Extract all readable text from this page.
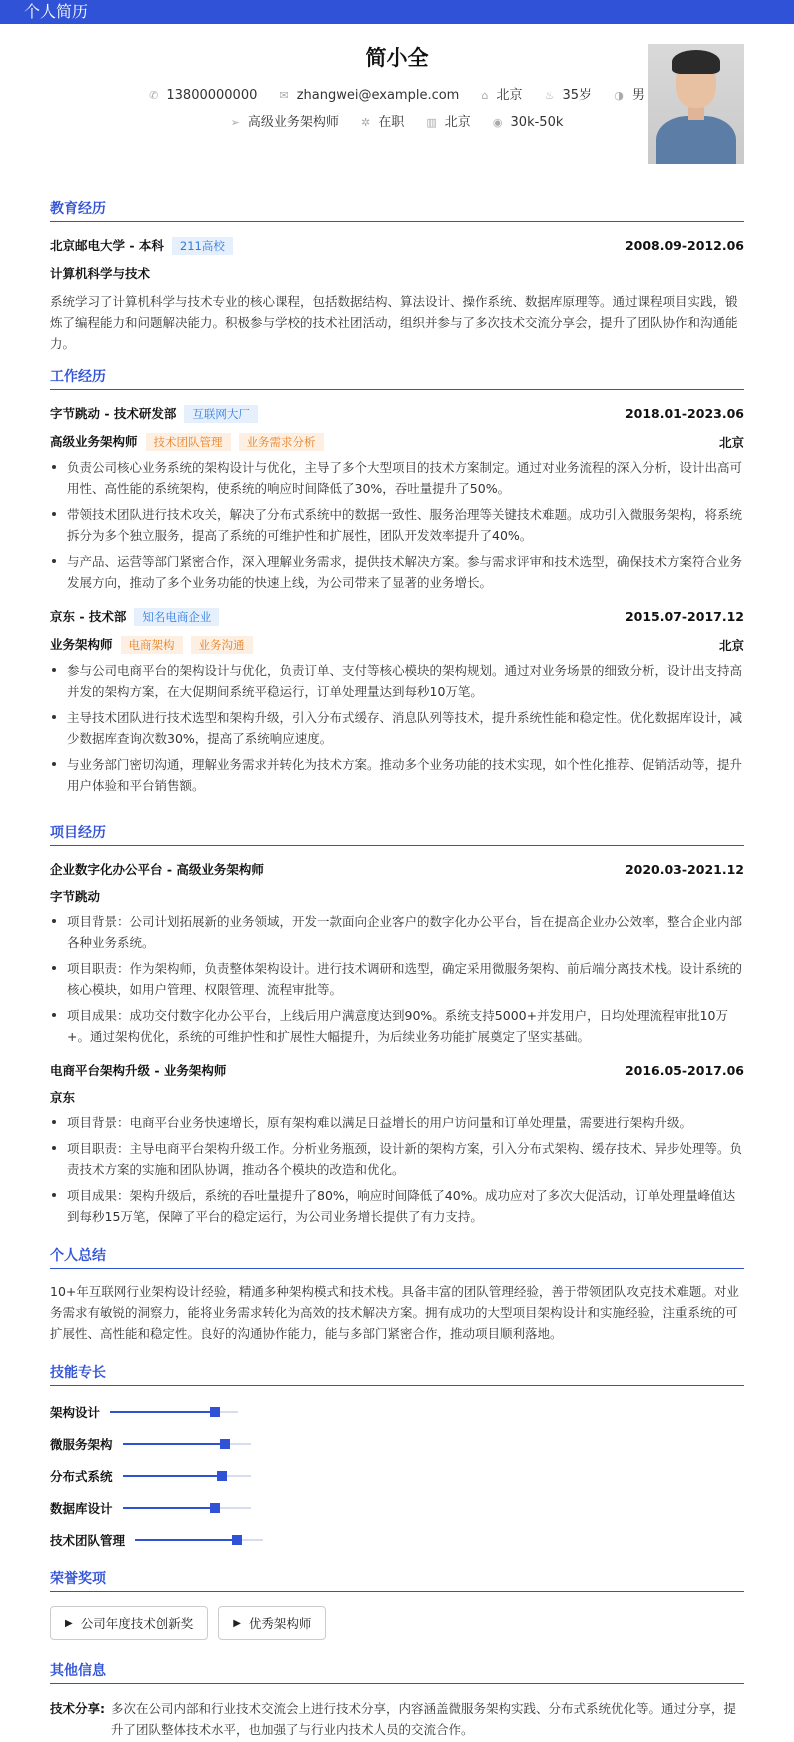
个人简历
简小全
✆ 13800000000 ✉ zhangwei@example.com ⌂ 北京 ♨ 35岁 ◑ 男
➢ 高级业务架构师 ✲ 在职 ▥ 北京 ◉ 30k-50k
教育经历
北京邮电大学 - 本科 211高校	2008.09-2012.06
计算机科学与技术
系统学习了计算机科学与技术专业的核心课程，包括数据结构、算法设计、操作系统、数据库原理等。通过课程项目实践，锻炼了编程能力和问题解决能力。积极参与学校的技术社团活动，组织并参与了多次技术交流分享会，提升了团队协作和沟通能力。
工作经历
字节跳动 - 技术研发部 互联网大厂	2018.01-2023.06
高级业务架构师 技术团队管理 业务需求分析	北京
负责公司核心业务系统的架构设计与优化，主导了多个大型项目的技术方案制定。通过对业务流程的深入分析，设计出高可用性、高性能的系统架构，使系统的响应时间降低了30%，吞吐量提升了50%。
带领技术团队进行技术攻关，解决了分布式系统中的数据一致性、服务治理等关键技术难题。成功引入微服务架构，将系统拆分为多个独立服务，提高了系统的可维护性和扩展性，团队开发效率提升了40%。
与产品、运营等部门紧密合作，深入理解业务需求，提供技术解决方案。参与需求评审和技术选型，确保技术方案符合业务发展方向，推动了多个业务功能的快速上线，为公司带来了显著的业务增长。
京东 - 技术部 知名电商企业	2015.07-2017.12
业务架构师 电商架构 业务沟通	北京
参与公司电商平台的架构设计与优化，负责订单、支付等核心模块的架构规划。通过对业务场景的细致分析，设计出支持高并发的架构方案，在大促期间系统平稳运行，订单处理量达到每秒10万笔。
主导技术团队进行技术选型和架构升级，引入分布式缓存、消息队列等技术，提升系统性能和稳定性。优化数据库设计，减少数据库查询次数30%，提高了系统响应速度。
与业务部门密切沟通，理解业务需求并转化为技术方案。推动多个业务功能的技术实现，如个性化推荐、促销活动等，提升用户体验和平台销售额。
项目经历
企业数字化办公平台 - 高级业务架构师	2020.03-2021.12
字节跳动
项目背景：公司计划拓展新的业务领域，开发一款面向企业客户的数字化办公平台，旨在提高企业办公效率，整合企业内部各种业务系统。
项目职责：作为架构师，负责整体架构设计。进行技术调研和选型，确定采用微服务架构、前后端分离技术栈。设计系统的核心模块，如用户管理、权限管理、流程审批等。
项目成果：成功交付数字化办公平台，上线后用户满意度达到90%。系统支持5000+并发用户，日均处理流程审批10万+。通过架构优化，系统的可维护性和扩展性大幅提升，为后续业务功能扩展奠定了坚实基础。
电商平台架构升级 - 业务架构师	2016.05-2017.06
京东
项目背景：电商平台业务快速增长，原有架构难以满足日益增长的用户访问量和订单处理量，需要进行架构升级。
项目职责：主导电商平台架构升级工作。分析业务瓶颈，设计新的架构方案，引入分布式架构、缓存技术、异步处理等。负责技术方案的实施和团队协调，推动各个模块的改造和优化。
项目成果：架构升级后，系统的吞吐量提升了80%，响应时间降低了40%。成功应对了多次大促活动，订单处理量峰值达到每秒15万笔，保障了平台的稳定运行，为公司业务增长提供了有力支持。
个人总结
10+年互联网行业架构设计经验，精通多种架构模式和技术栈。具备丰富的团队管理经验，善于带领团队攻克技术难题。对业务需求有敏锐的洞察力，能将业务需求转化为高效的技术解决方案。拥有成功的大型项目架构设计和实施经验，注重系统的可扩展性、高性能和稳定性。良好的沟通协作能力，能与多部门紧密合作，推动项目顺利落地。
技能专长
架构设计
微服务架构
分布式系统
数据库设计
技术团队管理
荣誉奖项
▶ 公司年度技术创新奖	▶ 优秀架构师
其他信息
技术分享: 多次在公司内部和行业技术交流会上进行技术分享，内容涵盖微服务架构实践、分布式系统优化等。通过分享，提升了团队整体技术水平，也加强了与行业内技术人员的交流合作。
